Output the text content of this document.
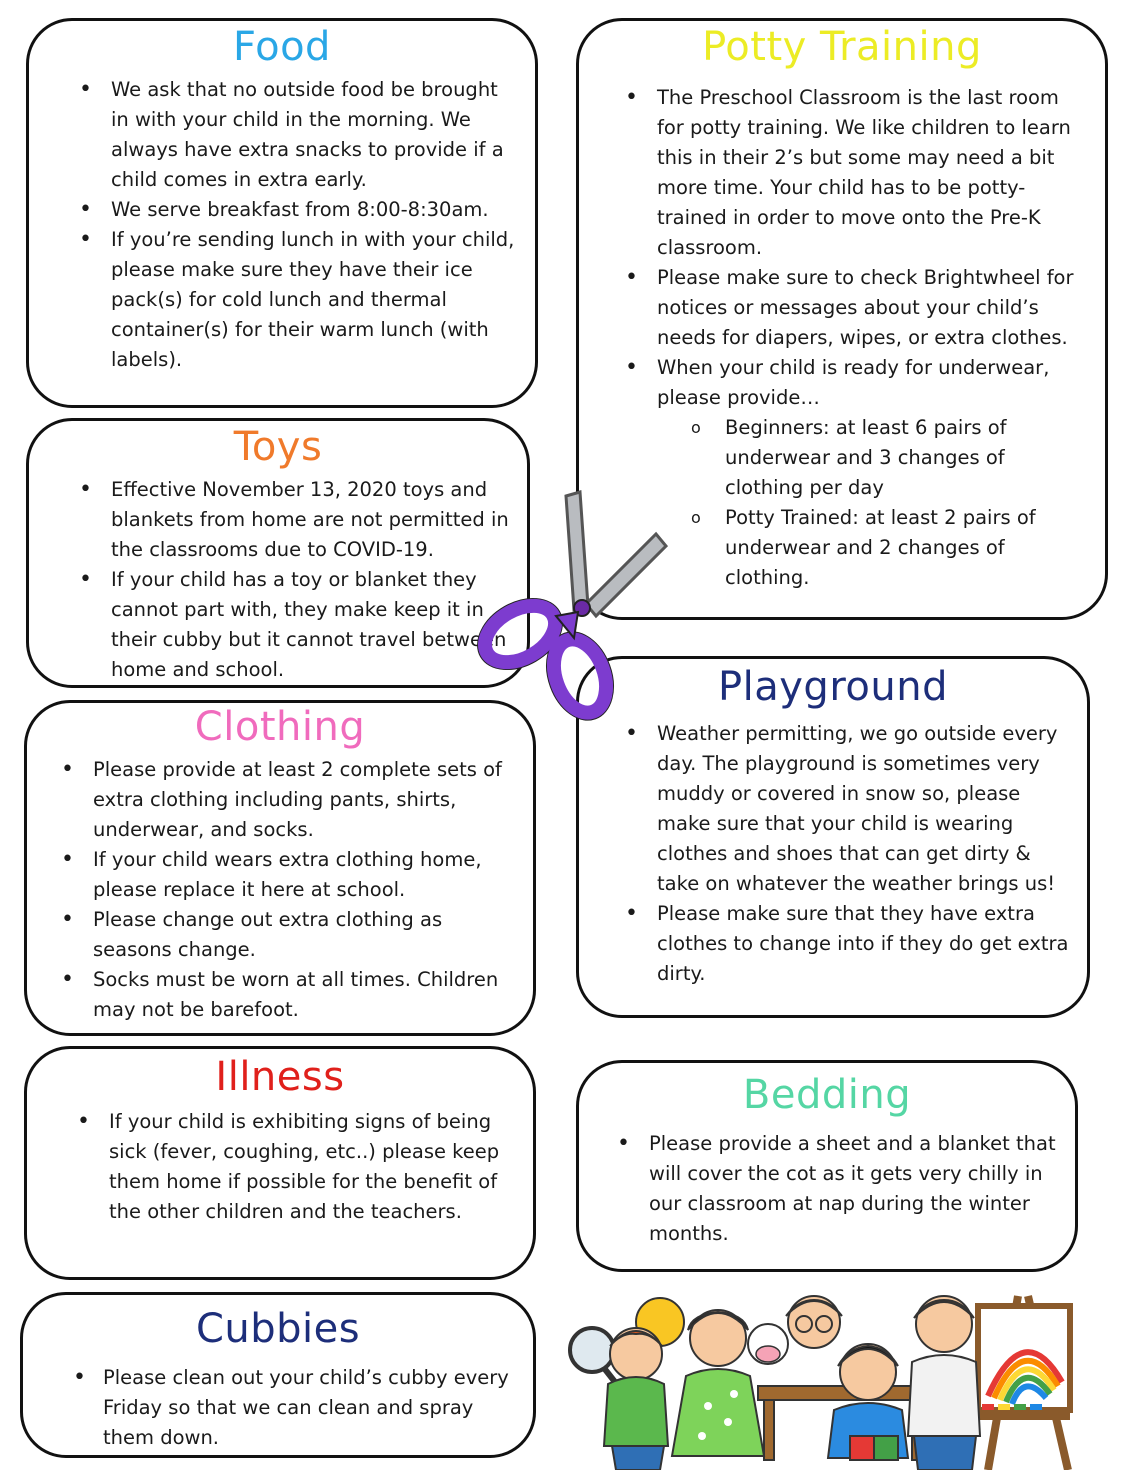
Food
• We ask that no outside food be brought in with your child in the morning. We always have extra snacks to provide if a child comes in extra early.
• We serve breakfast from 8:00-8:30am.
• If you’re sending lunch in with your child, please make sure they have their ice pack(s) for cold lunch and thermal container(s) for their warm lunch (with labels).
Toys
• Effective November 13, 2020 toys and blankets from home are not permitted in the classrooms due to COVID-19.
• If your child has a toy or blanket they cannot part with, they make keep it in their cubby but it cannot travel between home and school.
Clothing
• Please provide at least 2 complete sets of extra clothing including pants, shirts, underwear, and socks.
• If your child wears extra clothing home, please replace it here at school.
• Please change out extra clothing as seasons change.
• Socks must be worn at all times. Children may not be barefoot.
Illness
• If your child is exhibiting signs of being sick (fever, coughing, etc..) please keep them home if possible for the benefit of the other children and the teachers.
Cubbies
• Please clean out your child’s cubby every Friday so that we can clean and spray them down.
Potty Training
• The Preschool Classroom is the last room for potty training. We like children to learn this in their 2’s but some may need a bit more time. Your child has to be potty-trained in order to move onto the Pre-K classroom.
• Please make sure to check Brightwheel for notices or messages about your child’s needs for diapers, wipes, or extra clothes.
• When your child is ready for underwear, please provide…
o Beginners: at least 6 pairs of underwear and 3 changes of clothing per day
o Potty Trained: at least 2 pairs of underwear and 2 changes of clothing.
Playground
• Weather permitting, we go outside every day. The playground is sometimes very muddy or covered in snow so, please make sure that your child is wearing clothes and shoes that can get dirty & take on whatever the weather brings us!
• Please make sure that they have extra clothes to change into if they do get extra dirty.
Bedding
• Please provide a sheet and a blanket that will cover the cot as it gets very chilly in our classroom at nap during the winter months.
